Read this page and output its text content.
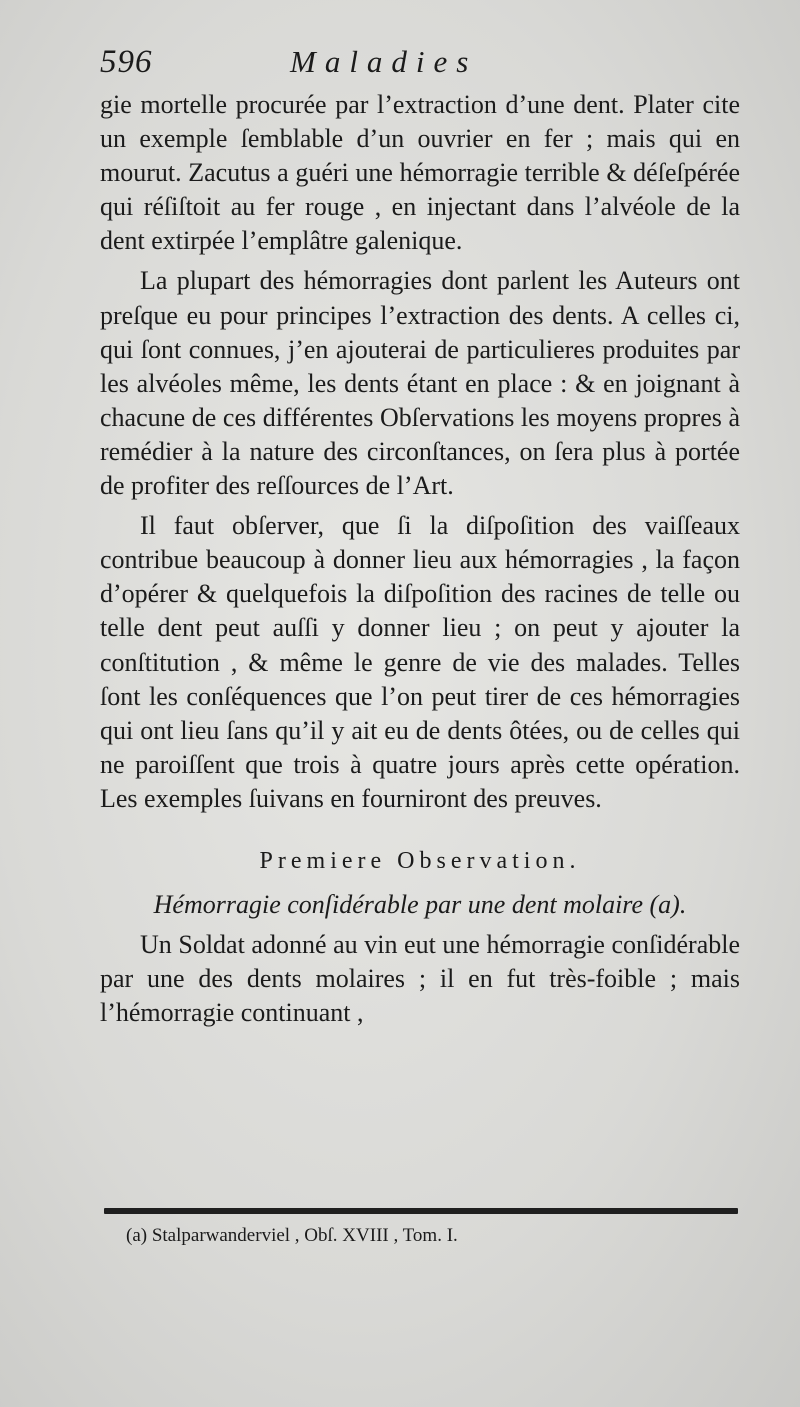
596	Maladies

gie mortelle procurée par l’extraction d’une dent. Plater cite un exemple ſemblable d’un ouvrier en fer ; mais qui en mourut. Zacutus a guéri une hémorragie terrible & déſeſpérée qui réſiſtoit au fer rouge , en injectant dans l’alvéole de la dent extirpée l’emplâtre galenique.

La plupart des hémorragies dont parlent les Auteurs ont preſque eu pour principes l’extraction des dents. A celles ci, qui ſont connues, j’en ajouterai de particulieres produites par les alvéoles même, les dents étant en place : & en joignant à chacune de ces différentes Obſervations les moyens propres à remédier à la nature des circonſtances, on ſera plus à portée de profiter des reſſources de l’Art.

Il faut obſerver, que ſi la diſpoſition des vaiſſeaux contribue beaucoup à donner lieu aux hémorragies , la façon d’opérer & quelquefois la diſpoſition des racines de telle ou telle dent peut auſſi y donner lieu ; on peut y ajouter la conſtitution , & même le genre de vie des malades. Telles ſont les conſéquences que l’on peut tirer de ces hémorragies qui ont lieu ſans qu’il y ait eu de dents ôtées, ou de celles qui ne paroiſſent que trois à quatre jours après cette opération. Les exemples ſuivans en fourniront des preuves.

Premiere Observation.

Hémorragie conſidérable par une dent molaire (a).

Un Soldat adonné au vin eut une hémorragie conſidérable par une des dents molaires ; il en fut très-foible ; mais l’hémorragie continuant ,

(a) Stalparwanderviel , Obſ. XVIII , Tom. I.
